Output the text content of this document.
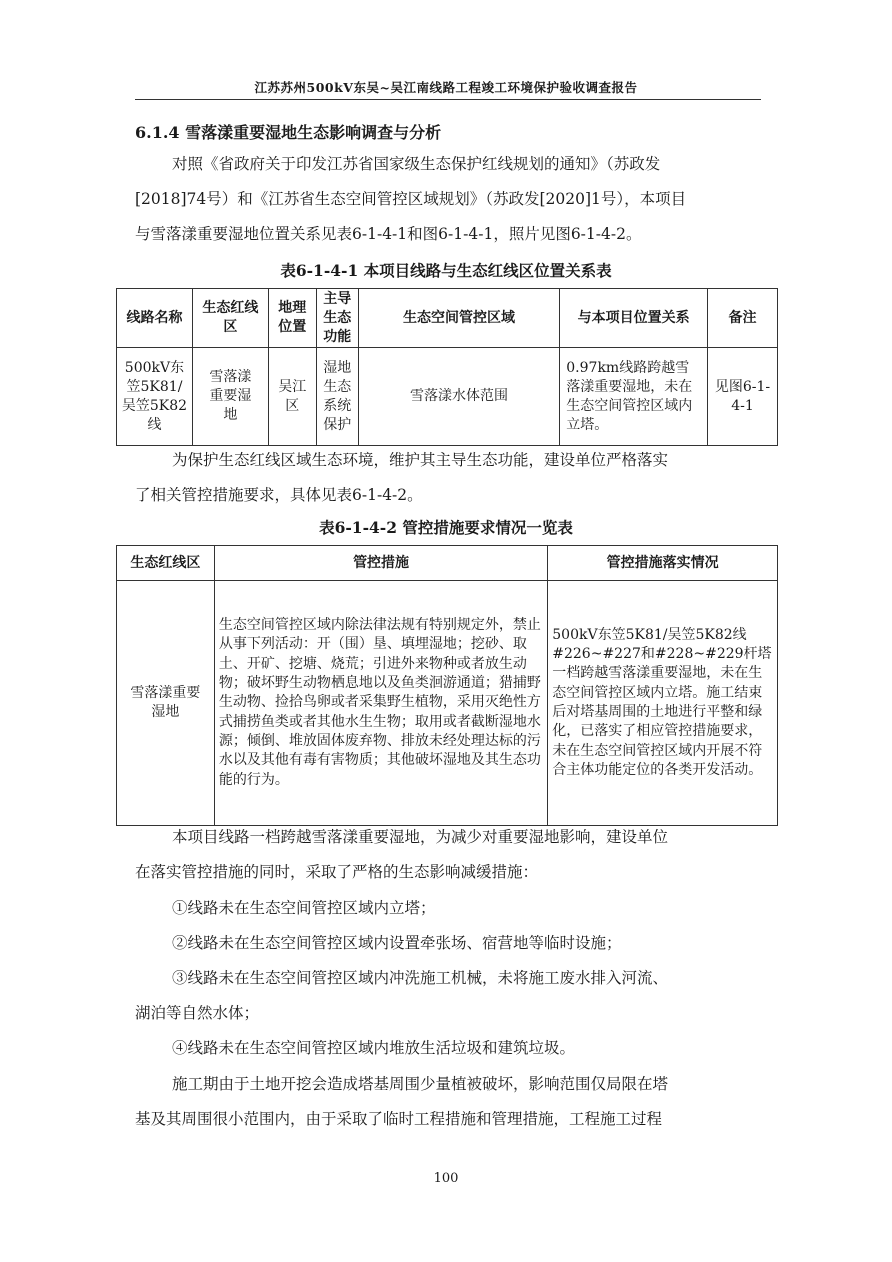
江苏苏州500kV东吴~吴江南线路工程竣工环境保护验收调查报告
6.1.4 雪落漾重要湿地生态影响调查与分析
对照《省政府关于印发江苏省国家级生态保护红线规划的通知》（苏政发
[2018]74号）和《江苏省生态空间管控区域规划》（苏政发[2020]1号），本项目
与雪落漾重要湿地位置关系见表6-1-4-1和图6-1-4-1，照片见图6-1-4-2。
表6-1-4-1 本项目线路与生态红线区位置关系表
线路名称	生态红线区	地理位置	主导生态功能	生态空间管控区域	与本项目位置关系	备注
500kV东笠5K81/吴笠5K82线	雪落漾重要湿地	吴江区	湿地生态系统保护	雪落漾水体范围	0.97km线路跨越雪落漾重要湿地，未在生态空间管控区域内立塔。	见图6-1-4-1
为保护生态红线区域生态环境，维护其主导生态功能，建设单位严格落实
了相关管控措施要求，具体见表6-1-4-2。
表6-1-4-2 管控措施要求情况一览表
生态红线区	管控措施	管控措施落实情况
雪落漾重要湿地	生态空间管控区域内除法律法规有特别规定外，禁止从事下列活动：开（围）垦、填埋湿地；挖砂、取土、开矿、挖塘、烧荒；引进外来物种或者放生动物；破坏野生动物栖息地以及鱼类洄游通道；猎捕野生动物、捡拾鸟卵或者采集野生植物，采用灭绝性方式捕捞鱼类或者其他水生生物；取用或者截断湿地水源；倾倒、堆放固体废弃物、排放未经处理达标的污水以及其他有毒有害物质；其他破坏湿地及其生态功能的行为。	500kV东笠5K81/吴笠5K82线#226~#227和#228~#229杆塔一档跨越雪落漾重要湿地，未在生态空间管控区域内立塔。施工结束后对塔基周围的土地进行平整和绿化，已落实了相应管控措施要求，未在生态空间管控区域内开展不符合主体功能定位的各类开发活动。
本项目线路一档跨越雪落漾重要湿地，为减少对重要湿地影响，建设单位
在落实管控措施的同时，采取了严格的生态影响减缓措施：
①线路未在生态空间管控区域内立塔；
②线路未在生态空间管控区域内设置牵张场、宿营地等临时设施；
③线路未在生态空间管控区域内冲洗施工机械，未将施工废水排入河流、
湖泊等自然水体；
④线路未在生态空间管控区域内堆放生活垃圾和建筑垃圾。
施工期由于土地开挖会造成塔基周围少量植被破坏，影响范围仅局限在塔
基及其周围很小范围内，由于采取了临时工程措施和管理措施，工程施工过程
100
